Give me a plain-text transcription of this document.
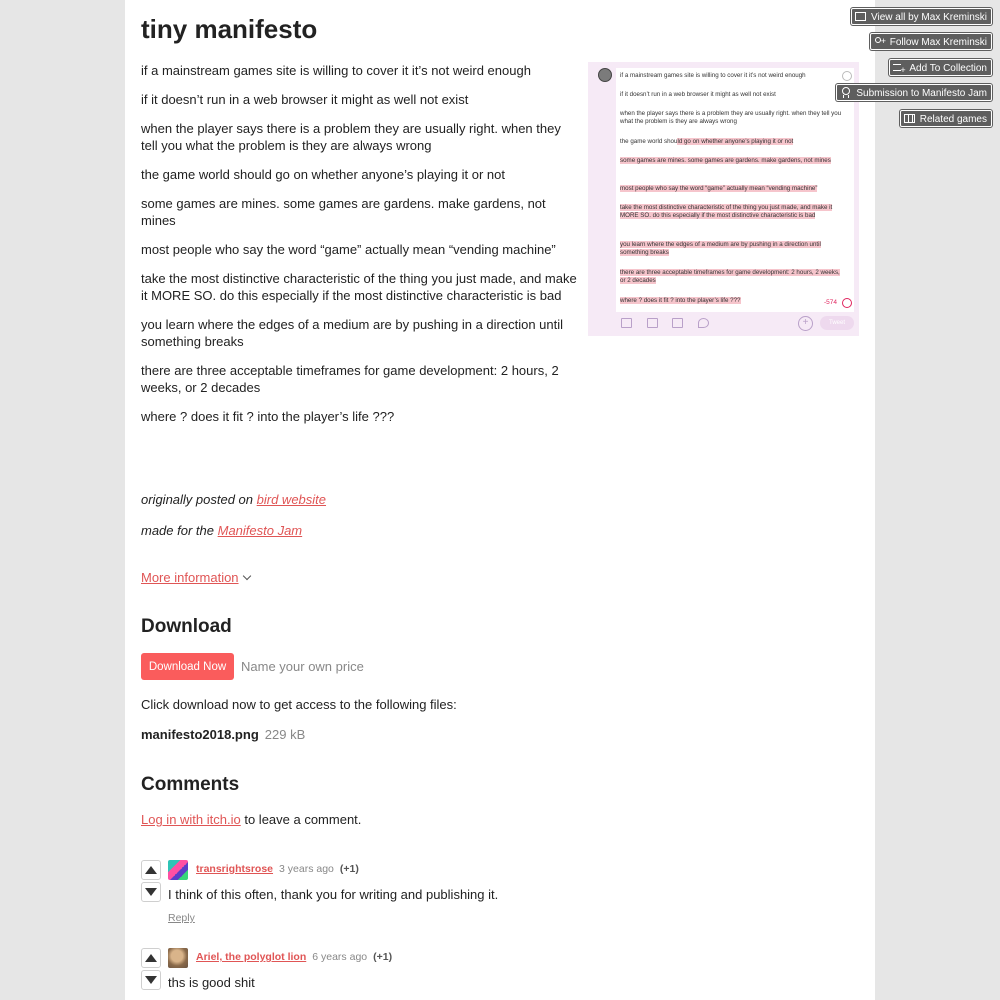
tiny manifesto

if a mainstream games site is willing to cover it it’s not weird enough

if it doesn’t run in a web browser it might as well not exist

when the player says there is a problem they are usually right. when they tell you what the problem is they are always wrong

the game world should go on whether anyone’s playing it or not

some games are mines. some games are gardens. make gardens, not mines

most people who say the word “game” actually mean “vending machine”

take the most distinctive characteristic of the thing you just made, and make it MORE SO. do this especially if the most distinctive characteristic is bad

you learn where the edges of a medium are by pushing in a direction until something breaks

there are three acceptable timeframes for game development: 2 hours, 2 weeks, or 2 decades

where ? does it fit ? into the player’s life ???

originally posted on bird website

made for the Manifesto Jam

More information
Download
Download Now	Name your own price
Click download now to get access to the following files:
manifesto2018.png 229 kB
Comments
Log in with itch.io to leave a comment.
transrightsrose 3 years ago (+1)
I think of this often, thank you for writing and publishing it.
Reply
Ariel, the polyglot lion 6 years ago (+1)
ths is good shit
if a mainstream games site is willing to cover it it’s not weird enough
if it doesn’t run in a web browser it might as well not exist
when the player says there is a problem they are usually right. when they tell you what the problem is they are always wrong
the game world should go on whether anyone’s playing it or not
some games are mines. some games are gardens. make gardens, not mines
most people who say the word “game” actually mean “vending machine”
take the most distinctive characteristic of the thing you just made, and make it MORE SO. do this especially if the most distinctive characteristic is bad
you learn where the edges of a medium are by pushing in a direction until something breaks
there are three acceptable timeframes for game development: 2 hours, 2 weeks, or 2 decades
where ? does it fit ? into the player’s life ???	-574
+	Tweet
View all by Max Kreminski
+Follow Max Kreminski
+Add To Collection
Submission to Manifesto Jam
Related games
